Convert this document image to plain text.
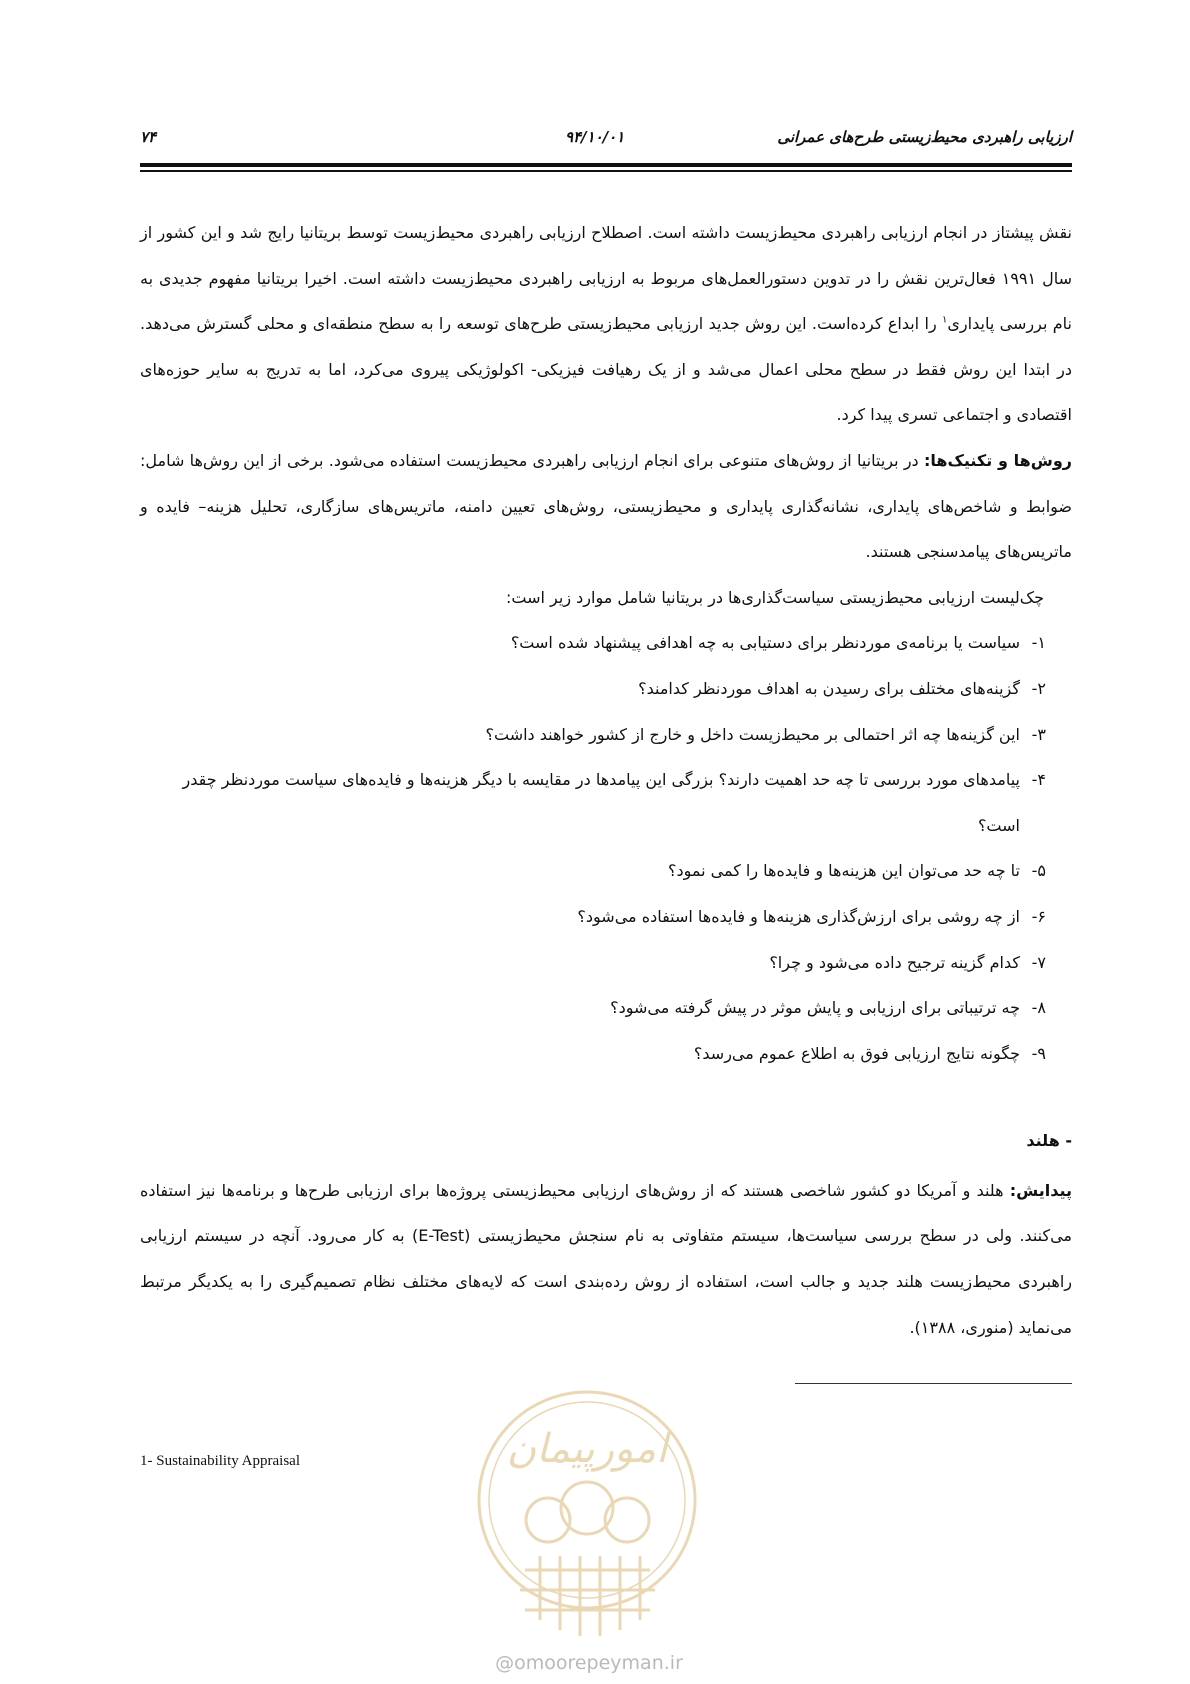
۷۴	۹۴/۱۰/۰۱	ارزیابی راهبردی محیط‌زیستی طرح‌های عمرانی

نقش پیشتاز در انجام ارزیابی راهبردی محیط‌زیست داشته است. اصطلاح ارزیابی راهبردی محیط‌زیست توسط بریتانیا رایج شد و این کشور از سال ۱۹۹۱ فعال‌ترین نقش را در تدوین دستورالعمل‌های مربوط به ارزیابی راهبردی محیط‌زیست داشته است. اخیرا بریتانیا مفهوم جدیدی به نام بررسی پایداری$^۱$ را ابداع کرده‌است. این روش جدید ارزیابی محیط‌زیستی طرح‌های توسعه را به سطح منطقه‌ای و محلی گسترش می‌دهد. در ابتدا این روش فقط در سطح محلی اعمال می‌شد و از یک رهیافت فیزیکی- اکولوژیکی پیروی می‌کرد، اما به تدریج به سایر حوزه‌های اقتصادی و اجتماعی تسری پیدا کرد.

روش‌ها و تکنیک‌ها: در بریتانیا از روش‌های متنوعی برای انجام ارزیابی راهبردی محیط‌زیست استفاده می‌شود. برخی از این روش‌ها شامل: ضوابط و شاخص‌های پایداری، نشانه‌گذاری پایداری و محیط‌زیستی، روش‌های تعیین دامنه، ماتریس‌های سازگاری، تحلیل هزینه– فایده و ماتریس‌های پیامدسنجی هستند.

چک‌لیست ارزیابی محیط‌زیستی سیاست‌گذاری‌ها در بریتانیا شامل موارد زیر است:

۱-
سیاست یا برنامه‌ی موردنظر برای دستیابی به چه اهدافی پیشنهاد شده است؟
۲-
گزینه‌های مختلف برای رسیدن به اهداف موردنظر کدامند؟
۳-
این گزینه‌ها چه اثر احتمالی بر محیط‌زیست داخل و خارج از کشور خواهند داشت؟
۴-
پیامدهای مورد بررسی تا چه حد اهمیت دارند؟ بزرگی این پیامدها در مقایسه با دیگر هزینه‌ها و فایده‌های سیاست موردنظر چقدر است؟
۵-
تا چه حد می‌توان این هزینه‌ها و فایده‌ها را کمی نمود؟
۶-
از چه روشی برای ارزش‌گذاری هزینه‌ها و فایده‌ها استفاده می‌شود؟
۷-
کدام گزینه ترجیح داده می‌شود و چرا؟
۸-
چه ترتیباتی برای ارزیابی و پایش موثر در پیش گرفته می‌شود؟
۹-
چگونه نتایج ارزیابی فوق به اطلاع عموم می‌رسد؟

- هلند

پیدایش: هلند و آمریکا دو کشور شاخصی هستند که از روش‌های ارزیابی محیط‌زیستی پروژه‌ها برای ارزیابی طرح‌ها و برنامه‌ها نیز استفاده می‌کنند. ولی در سطح بررسی سیاست‌ها، سیستم متفاوتی به نام سنجش محیط‌زیستی (E-Test) به کار می‌رود. آنچه در سیستم ارزیابی راهبردی محیط‌زیست هلند جدید و جالب است، استفاده از روش رده‌بندی است که لایه‌های مختلف نظام تصمیم‌گیری را به یکدیگر مرتبط می‌نماید (منوری، ۱۳۸۸).

1- Sustainability Appraisal	امورپیمان
@omoorepeyman.ir
